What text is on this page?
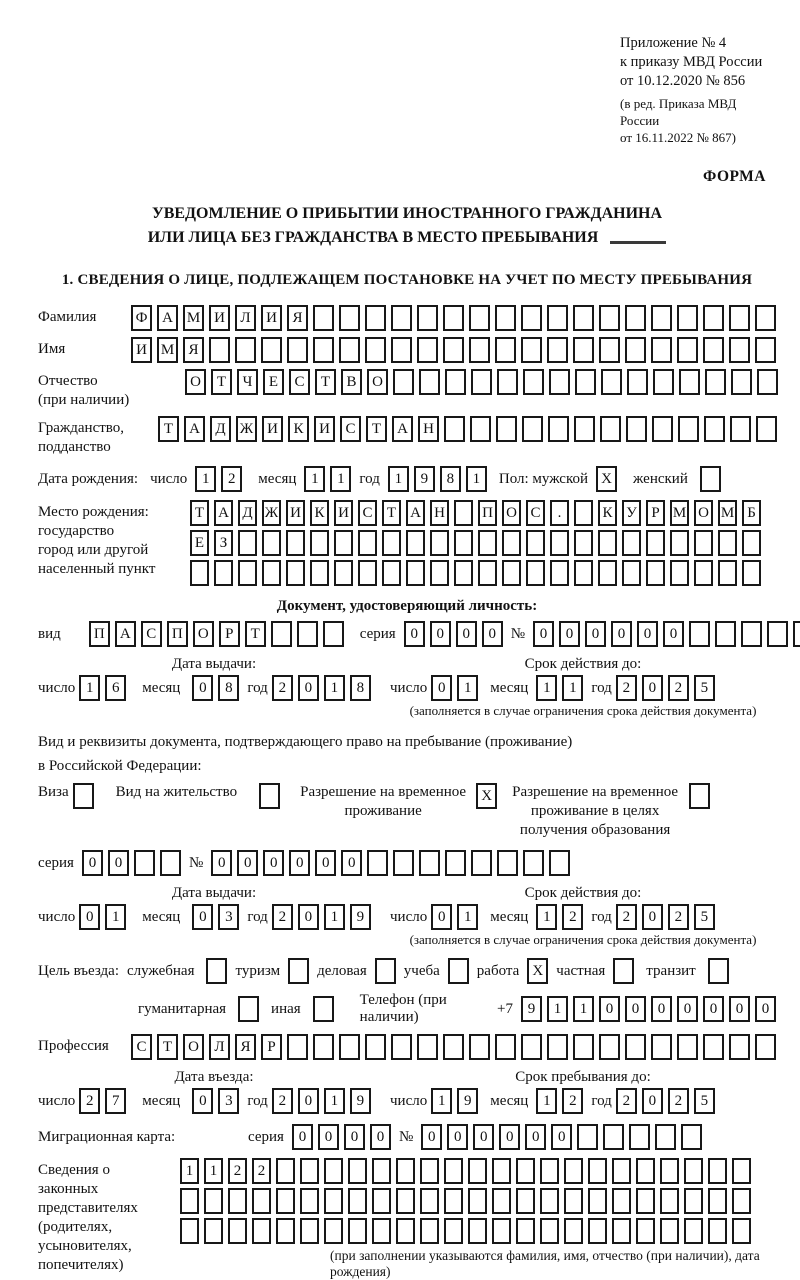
Приложение № 4
к приказу МВД России
от 10.12.2020 № 856
(в ред. Приказа МВД России
от 16.11.2022 № 867)
ФОРМА
УВЕДОМЛЕНИЕ О ПРИБЫТИИ ИНОСТРАННОГО ГРАЖДАНИНА
ИЛИ ЛИЦА БЕЗ ГРАЖДАНСТВА В МЕСТО ПРЕБЫВАНИЯ
1. СВЕДЕНИЯ О ЛИЦЕ, ПОДЛЕЖАЩЕМ ПОСТАНОВКЕ НА УЧЕТ ПО МЕСТУ ПРЕБЫВАНИЯ
Фамилия	Ф А М И	Л	И	Я
Имя	И М Я
Отчество
(при наличии)
О	Т	Ч	Е	С	Т	В	О
Гражданство,
подданство
Т	А	Д Ж И	К	И	С	Т	А	Н
Дата рождения: число 1	2	месяц 1	1 год 1	9	8	1	Пол: мужской X	женский
Место рождения:
государство
город или другой
населенный пункт
Т А Д Ж И К И С Т А Н П О С	.	К У Р М О М Б
Е	З
Документ, удостоверяющий личность:
вид	П	А	С	П	О	Р	Т	серия 0	0	0	0 № 0	0	0	0	0	0
Дата выдачи:
число 1	6	месяц	0	8 год 2	0	1	8
Срок действия до:
число 0	1	месяц 1	1 год 2	0	2	5
(заполняется в случае ограничения срока действия документа)
Вид и реквизиты документа, подтверждающего право на пребывание (проживание)
в Российской Федерации:
Виза	Вид на жительство	Разрешение на временное проживание
X	Разрешение на временное проживание в целях получения образования
серия 0	0	№ 0	0	0	0	0	0
Дата выдачи:
число 0	1	месяц	0	3 год 2	0	1	9
Срок действия до:
число 0	1	месяц 1	2 год 2	0	2	5
(заполняется в случае ограничения срока действия документа)
Цель въезда: служебная	туризм деловая учеба работа X частная	транзит
гуманитарная	иная
Телефон (при наличии)
+7 9	1	1	0	0	0	0	0	0	0
Профессия	С	Т	О	Л	Я	Р
Дата въезда:
число 2	7	месяц	0	3 год 2	0	1	9
Срок пребывания до:
число 1	9	месяц 1	2 год 2	0	2	5
Миграционная карта:	серия 0	0	0	0 № 0	0	0	0	0	0
Сведения о
законных
представителях
(родителях,
усыновителях,
попечителях)
1	1	2	2
(при заполнении указываются фамилия, имя, отчество (при наличии), дата рождения)
